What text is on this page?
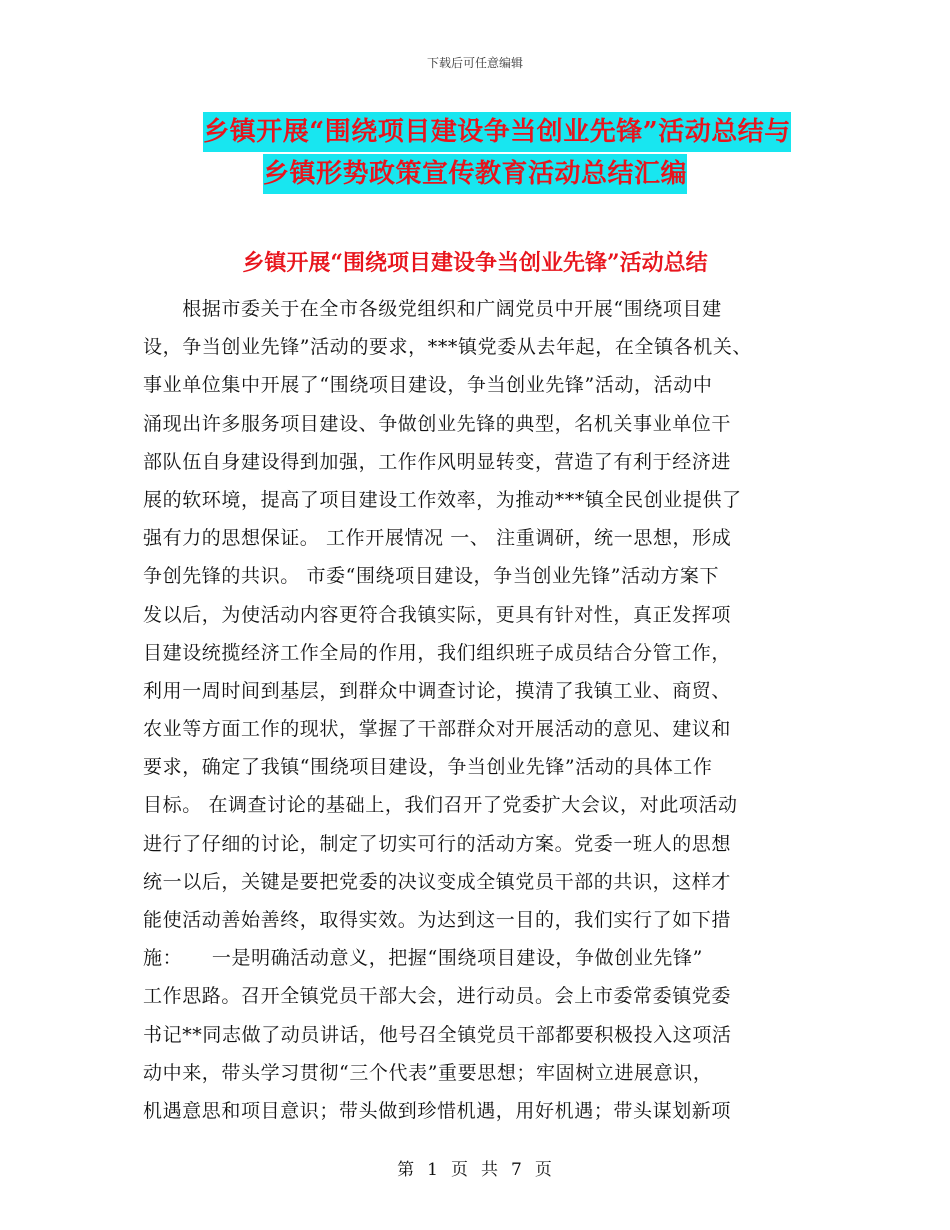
下载后可任意编辑
乡镇开展“围绕项目建设争当创业先锋”活动总结与
乡镇形势政策宣传教育活动总结汇编
乡镇开展“围绕项目建设争当创业先锋”活动总结
　　根据市委关于在全市各级党组织和广阔党员中开展“围绕项目建
设，争当创业先锋”活动的要求，***镇党委从去年起，在全镇各机关、
事业单位集中开展了“围绕项目建设，争当创业先锋”活动，活动中
涌现出许多服务项目建设、争做创业先锋的典型，名机关事业单位干
部队伍自身建设得到加强，工作作风明显转变，营造了有利于经济进
展的软环境，提高了项目建设工作效率，为推动***镇全民创业提供了
强有力的思想保证。 工作开展情况 一、 注重调研，统一思想，形成
争创先锋的共识。 市委“围绕项目建设，争当创业先锋”活动方案下
发以后，为使活动内容更符合我镇实际，更具有针对性，真正发挥项
目建设统揽经济工作全局的作用，我们组织班子成员结合分管工作，
利用一周时间到基层，到群众中调查讨论，摸清了我镇工业、商贸、
农业等方面工作的现状，掌握了干部群众对开展活动的意见、建议和
要求，确定了我镇“围绕项目建设，争当创业先锋”活动的具体工作
目标。 在调查讨论的基础上，我们召开了党委扩大会议，对此项活动
进行了仔细的讨论，制定了切实可行的活动方案。党委一班人的思想
统一以后，关键是要把党委的决议变成全镇党员干部的共识，这样才
能使活动善始善终，取得实效。为达到这一目的，我们实行了如下措
施：　　一是明确活动意义，把握“围绕项目建设，争做创业先锋”
工作思路。召开全镇党员干部大会，进行动员。会上市委常委镇党委
书记**同志做了动员讲话，他号召全镇党员干部都要积极投入这项活
动中来，带头学习贯彻“三个代表”重要思想；牢固树立进展意识，
机遇意思和项目意识；带头做到珍惜机遇，用好机遇；带头谋划新项
第 1 页 共 7 页
